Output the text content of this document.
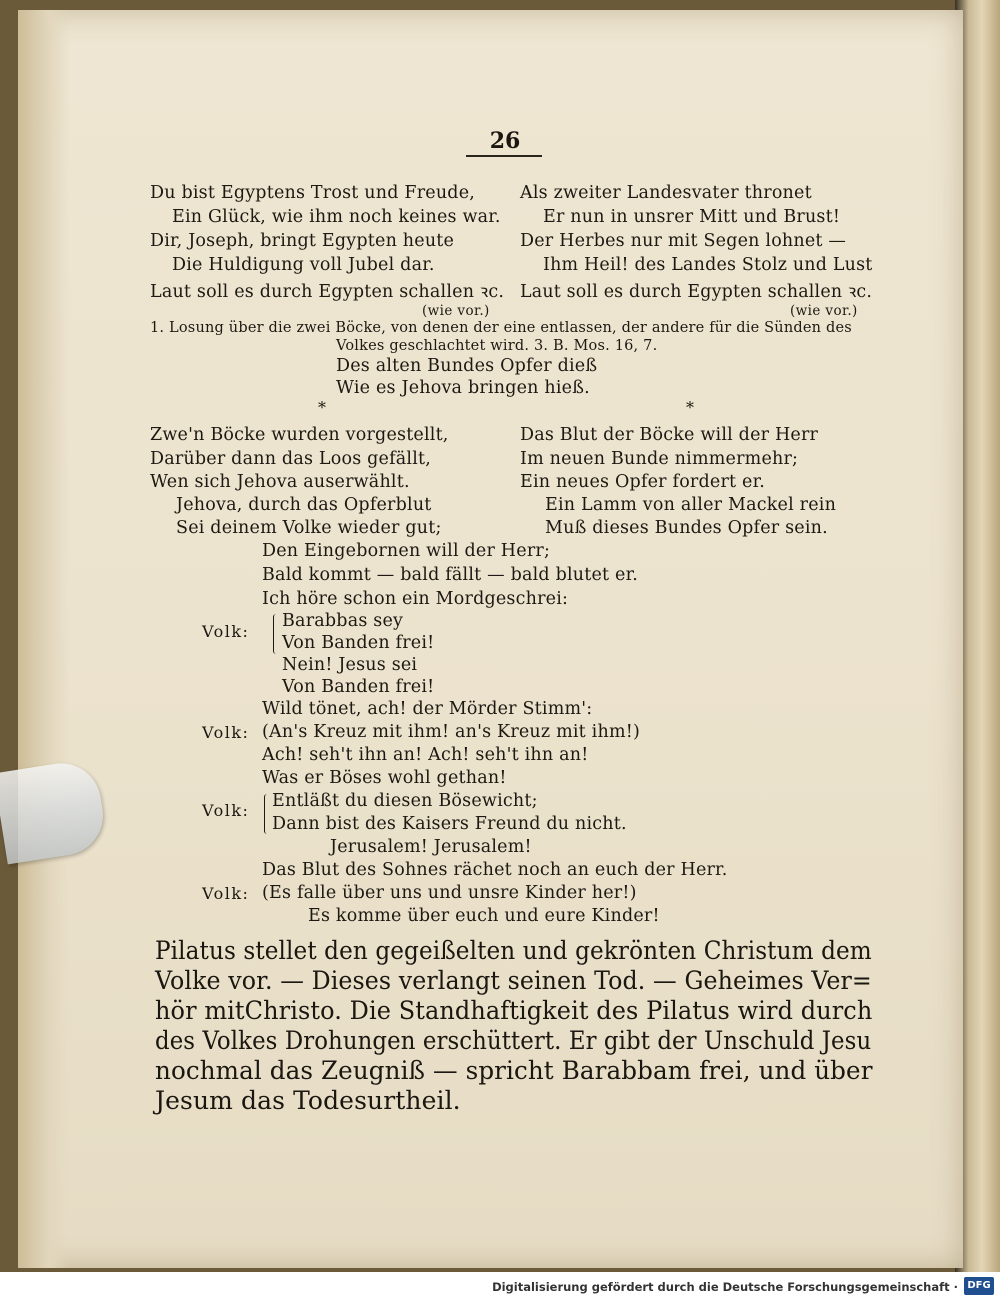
26
Du bist Egyptens Trost und Freude,
Ein Glück, wie ihm noch keines war.
Dir, Joseph, bringt Egypten heute
Die Huldigung voll Jubel dar.
Laut soll es durch Egypten schallen ꝛc.
(wie vor.)
Als zweiter Landesvater thronet
Er nun in unsrer Mitt und Brust!
Der Herbes nur mit Segen lohnet —
Ihm Heil! des Landes Stolz und Lust
Laut soll es durch Egypten schallen ꝛc.
(wie vor.)
1. Losung über die zwei Böcke, von denen der eine entlassen, der andere für die Sünden des
Volkes geschlachtet wird. 3. B. Mos. 16, 7.
Des alten Bundes Opfer dieß
Wie es Jehova bringen hieß.
*	*
Zwe'n Böcke wurden vorgestellt,
Darüber dann das Loos gefällt,
Wen sich Jehova auserwählt.
Jehova, durch das Opferblut
Sei deinem Volke wieder gut;
Das Blut der Böcke will der Herr
Im neuen Bunde nimmermehr;
Ein neues Opfer fordert er.
Ein Lamm von aller Mackel rein
Muß dieses Bundes Opfer sein.
Den Eingebornen will der Herr;
Bald kommt — bald fällt — bald blutet er.
Ich höre schon ein Mordgeschrei:
Volk:
Barabbas sey
Von Banden frei!
Nein! Jesus sei
Von Banden frei!
Wild tönet, ach! der Mörder Stimm':
Volk: (An's Kreuz mit ihm! an's Kreuz mit ihm!)
Ach! seh't ihn an! Ach! seh't ihn an!
Was er Böses wohl gethan!
Volk: Entläßt du diesen Bösewicht;
Dann bist des Kaisers Freund du nicht.
Jerusalem! Jerusalem!
Das Blut des Sohnes rächet noch an euch der Herr.
Volk: (Es falle über uns und unsre Kinder her!)
Es komme über euch und eure Kinder!
Pilatus stellet den gegeißelten und gekrönten Christum dem
Volke vor. — Dieses verlangt seinen Tod. — Geheimes Ver=
hör mitChristo. Die Standhaftigkeit des Pilatus wird durch
des Volkes Drohungen erschüttert. Er gibt der Unschuld Jesu
nochmal das Zeugniß — spricht Barabbam frei, und über
Jesum das Todesurtheil.
Digitalisierung gefördert durch die Deutsche Forschungsgemeinschaft · DFG
